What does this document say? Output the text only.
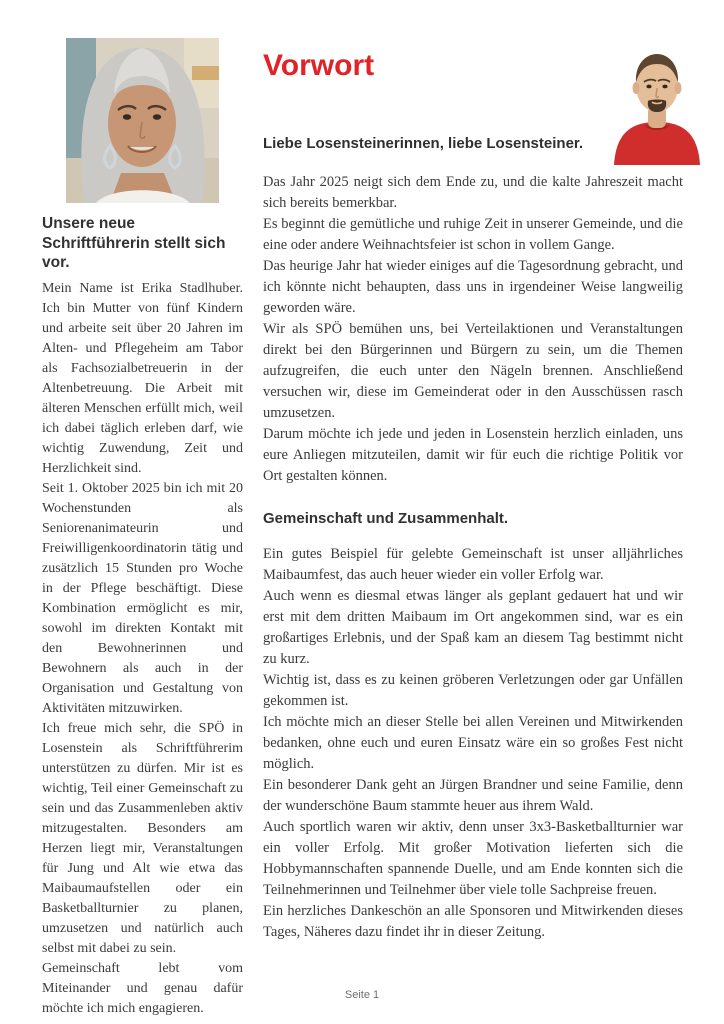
Unsere neue Schriftführerin stellt sich vor.

Mein Name ist Erika Stadlhuber. Ich bin Mutter von fünf Kindern und arbeite seit über 20 Jahren im Alten- und Pflegeheim am Tabor als Fachsozialbetreuerin in der Altenbetreuung. Die Arbeit mit älteren Menschen erfüllt mich, weil ich dabei täglich erleben darf, wie wichtig Zuwendung, Zeit und Herzlichkeit sind.

Seit 1. Oktober 2025 bin ich mit 20 Wochenstunden als Seniorenanimateurin und Freiwilligenkoordinatorin tätig und zusätzlich 15 Stunden pro Woche in der Pflege beschäftigt. Diese Kombination ermöglicht es mir, sowohl im direkten Kontakt mit den Bewohnerinnen und Bewohnern als auch in der Organisation und Gestaltung von Aktivitäten mitzuwirken.

Ich freue mich sehr, die SPÖ in Losenstein als Schriftführerim unterstützen zu dürfen. Mir ist es wichtig, Teil einer Gemeinschaft zu sein und das Zusammenleben aktiv mitzugestalten. Besonders am Herzen liegt mir, Veranstaltungen für Jung und Alt wie etwa das Maibaumaufstellen oder ein Basketballturnier zu planen, umzusetzen und natürlich auch selbst mit dabei zu sein.

Gemeinschaft lebt vom Miteinander und genau dafür möchte ich mich engagieren.

Vorwort

Liebe Losensteinerinnen, liebe Losensteiner.

Das Jahr 2025 neigt sich dem Ende zu, und die kalte Jahreszeit macht sich bereits bemerkbar.

Es beginnt die gemütliche und ruhige Zeit in unserer Gemeinde, und die eine oder andere Weihnachtsfeier ist schon in vollem Gange.

Das heurige Jahr hat wieder einiges auf die Tagesordnung gebracht, und ich könnte nicht behaupten, dass uns in irgendeiner Weise langweilig geworden wäre.

Wir als SPÖ bemühen uns, bei Verteilaktionen und Veranstaltungen direkt bei den Bürgerinnen und Bürgern zu sein, um die Themen aufzugreifen, die euch unter den Nägeln brennen. Anschließend versuchen wir, diese im Gemeinderat oder in den Ausschüssen rasch umzusetzen.

Darum möchte ich jede und jeden in Losenstein herzlich einladen, uns eure Anliegen mitzuteilen, damit wir für euch die richtige Politik vor Ort gestalten können.

Gemeinschaft und Zusammenhalt.

Ein gutes Beispiel für gelebte Gemeinschaft ist unser alljährliches Maibaumfest, das auch heuer wieder ein voller Erfolg war.

Auch wenn es diesmal etwas länger als geplant gedauert hat und wir erst mit dem dritten Maibaum im Ort angekommen sind, war es ein großartiges Erlebnis, und der Spaß kam an diesem Tag bestimmt nicht zu kurz.

Wichtig ist, dass es zu keinen gröberen Verletzungen oder gar Unfällen gekommen ist.

Ich möchte mich an dieser Stelle bei allen Vereinen und Mitwirkenden bedanken, ohne euch und euren Einsatz wäre ein so großes Fest nicht möglich.

Ein besonderer Dank geht an Jürgen Brandner und seine Familie, denn der wunderschöne Baum stammte heuer aus ihrem Wald.

Auch sportlich waren wir aktiv, denn unser 3x3-Basketballturnier war ein voller Erfolg. Mit großer Motivation lieferten sich die Hobbymannschaften spannende Duelle, und am Ende konnten sich die Teilnehmerinnen und Teilnehmer über viele tolle Sachpreise freuen.

Ein herzliches Dankeschön an alle Sponsoren und Mitwirkenden dieses Tages, Näheres dazu findet ihr in dieser Zeitung.

Seite 1
